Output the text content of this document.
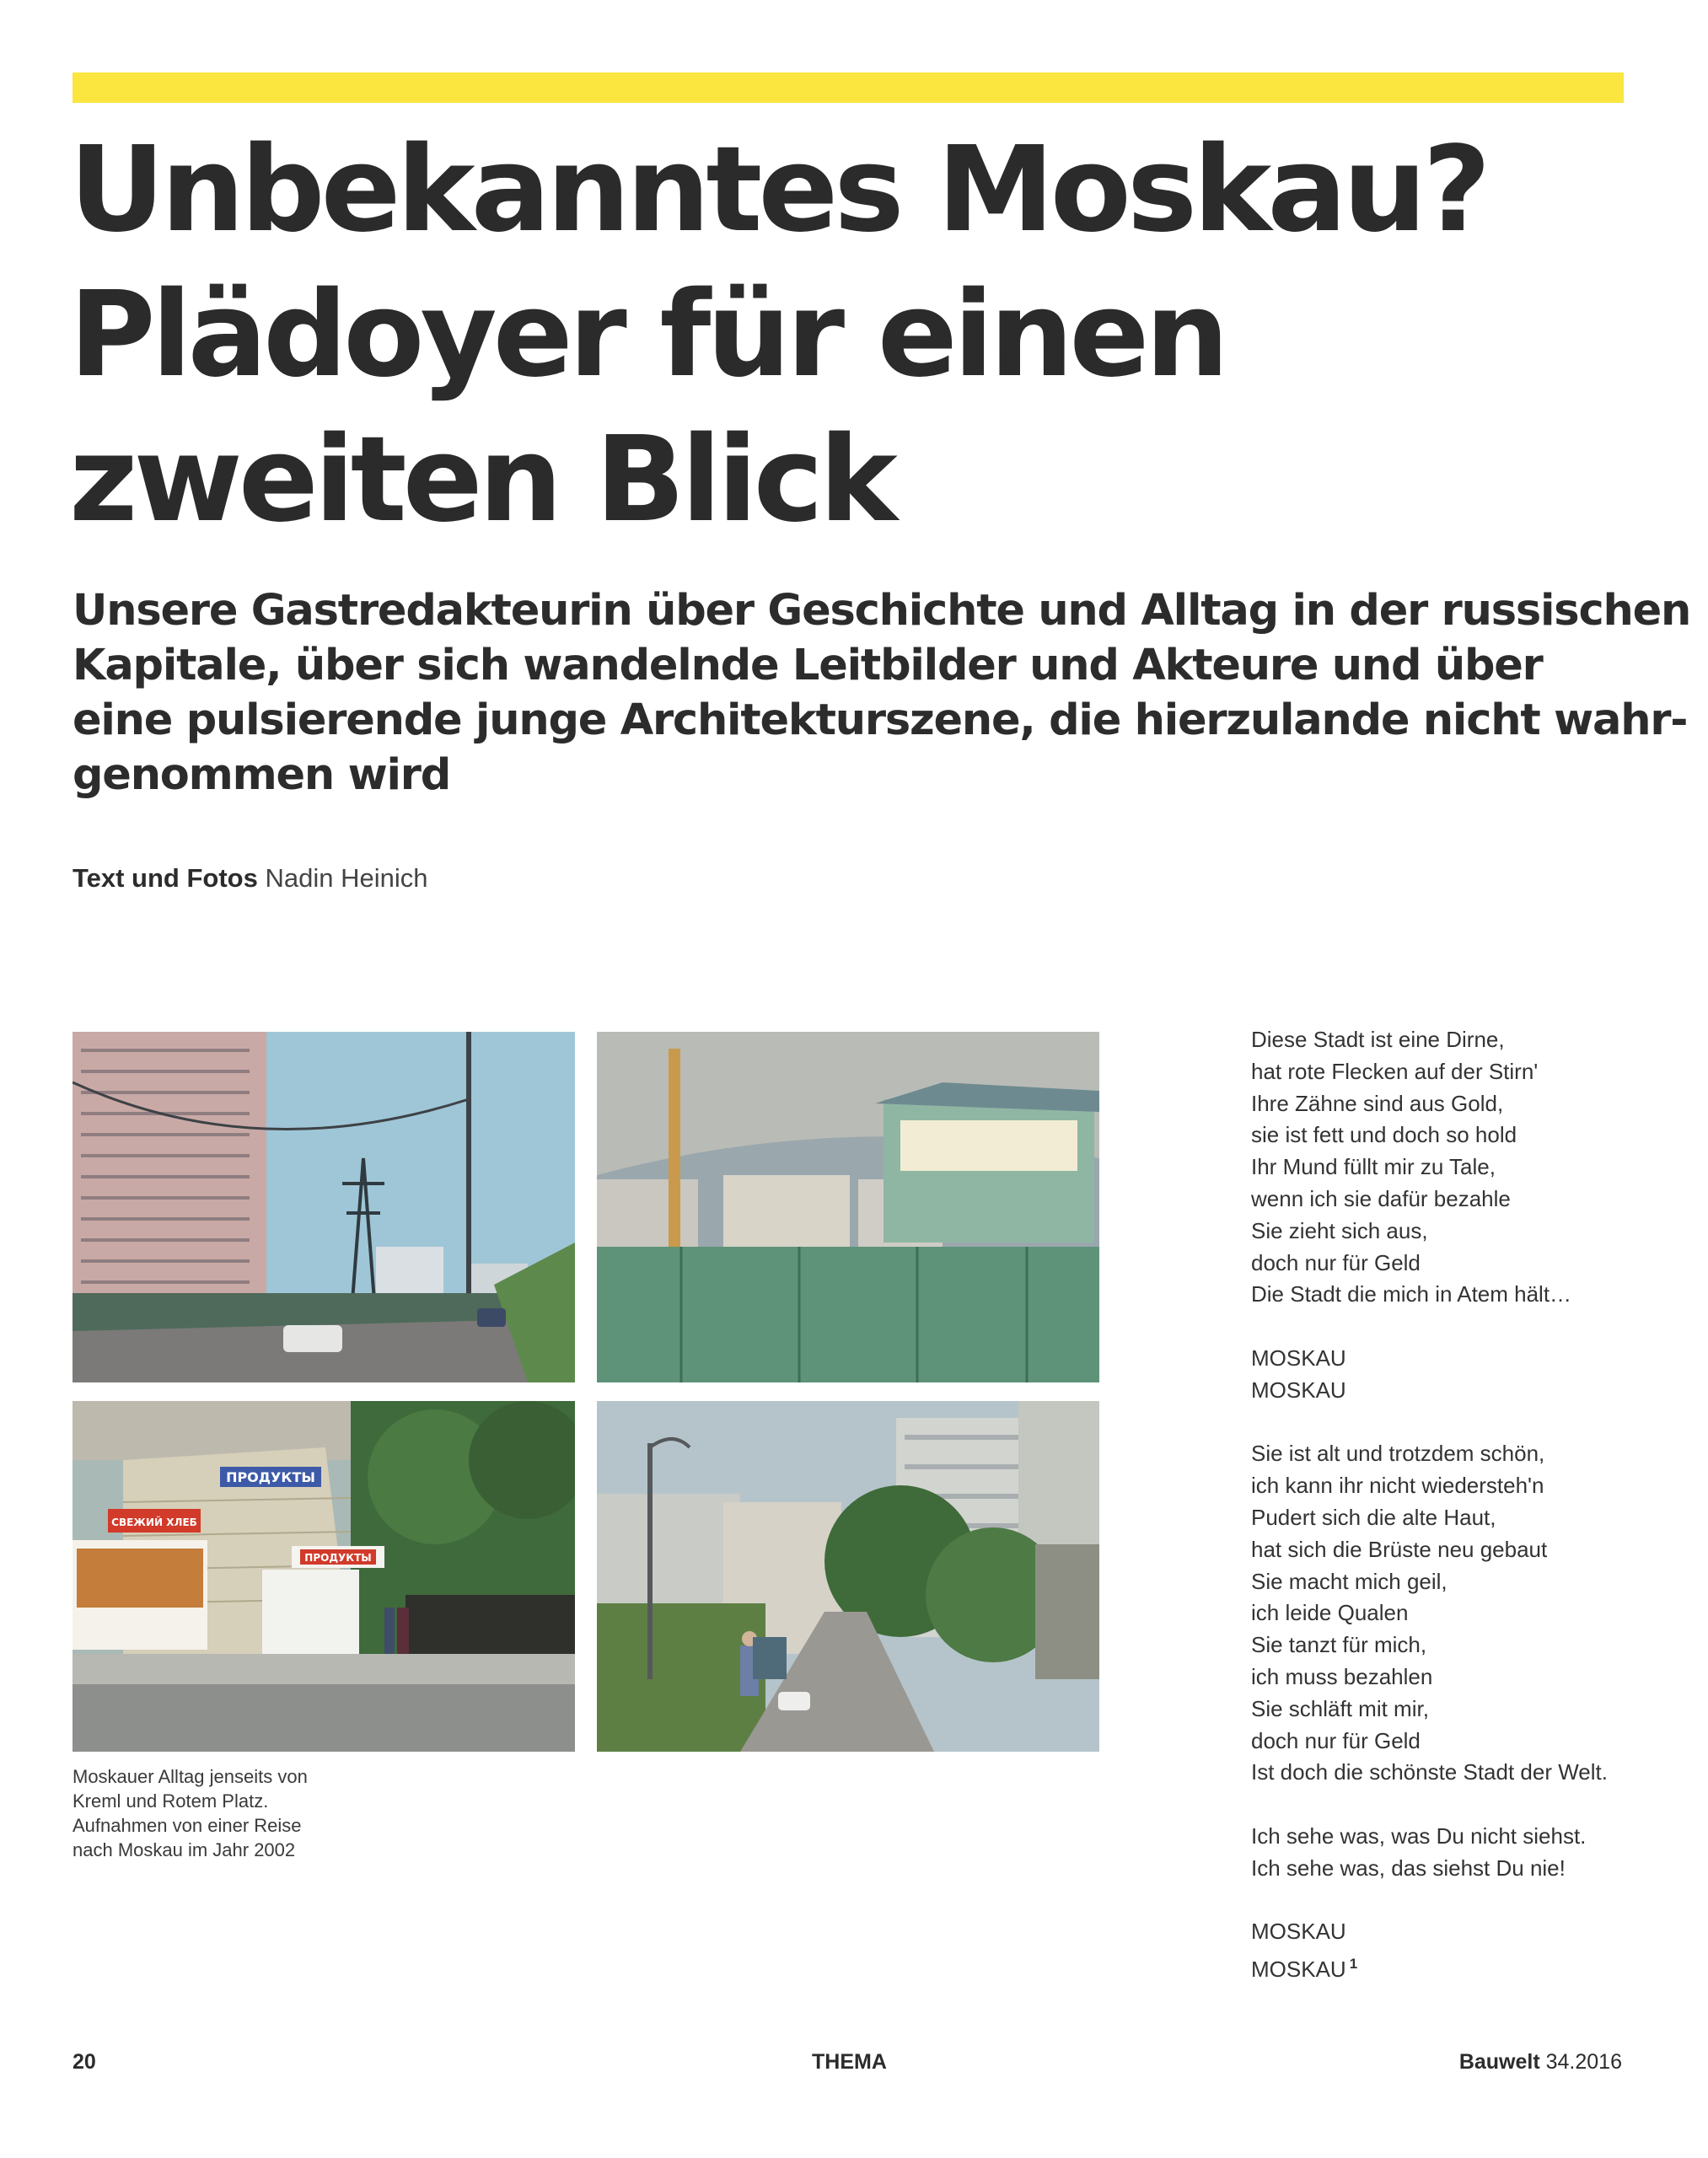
Unbekanntes Moskau?
Plädoyer für einen
zweiten Blick

Unsere Gastredakteurin über Geschichte und Alltag in der russischen
Kapitale, über sich wandelnde Leitbilder und Akteure und über
eine pulsierende junge Architekturszene, die hierzulande nicht wahr-
genommen wird

Text und Fotos Nadin Heinich
ПРОДУКТЫ
СВЕЖИЙ ХЛЕБ
ПРОДУКТЫ
Moskauer Alltag jenseits von
Kreml und Rotem Platz.
Aufnahmen von einer Reise
nach Moskau im Jahr 2002
Diese Stadt ist eine Dirne,
hat rote Flecken auf der Stirn'
Ihre Zähne sind aus Gold,
sie ist fett und doch so hold
Ihr Mund füllt mir zu Tale,
wenn ich sie dafür bezahle
Sie zieht sich aus,
doch nur für Geld
Die Stadt die mich in Atem hält…
MOSKAU
MOSKAU
Sie ist alt und trotzdem schön,
ich kann ihr nicht wiedersteh'n
Pudert sich die alte Haut,
hat sich die Brüste neu gebaut
Sie macht mich geil,
ich leide Qualen
Sie tanzt für mich,
ich muss bezahlen
Sie schläft mit mir,
doch nur für Geld
Ist doch die schönste Stadt der Welt.
Ich sehe was, was Du nicht siehst.
Ich sehe was, das siehst Du nie!
MOSKAU
MOSKAU $^1$
20	THEMA	Bauwelt 34.2016
